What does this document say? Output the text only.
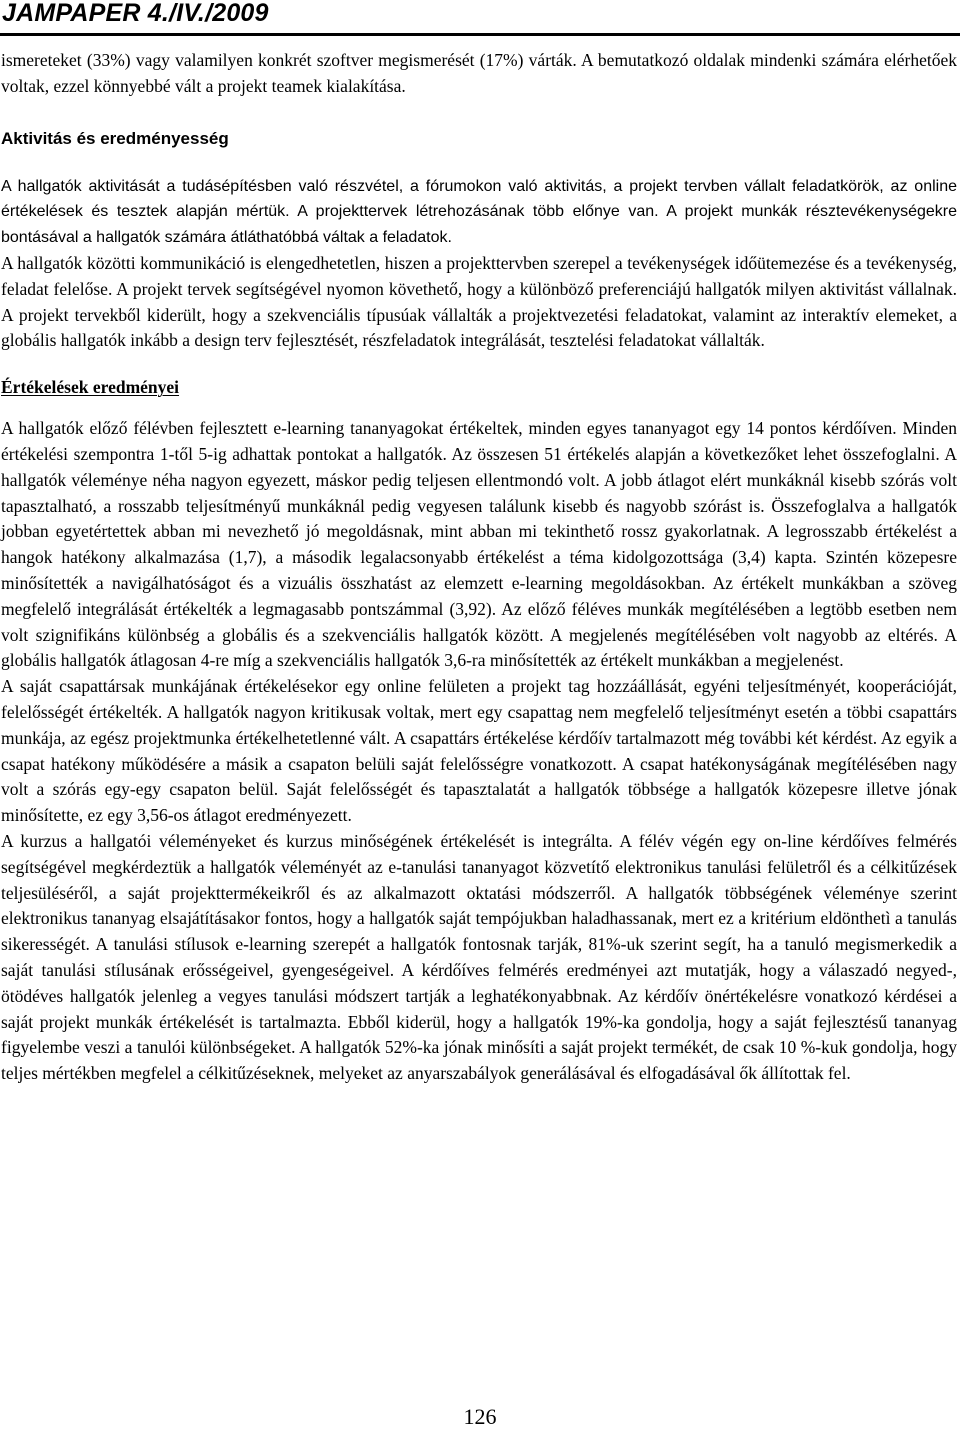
JAMPAPER 4./IV./2009

ismereteket (33%) vagy valamilyen konkrét szoftver megismerését (17%) várták. A bemutatkozó oldalak mindenki számára elérhetőek voltak, ezzel könnyebbé vált a projekt teamek kialakítása.

Aktivitás és eredményesség

A hallgatók aktivitását a tudásépítésben való részvétel, a fórumokon való aktivitás, a projekt tervben vállalt feladatkörök, az online értékelések és tesztek alapján mértük. A projekttervek létrehozásának több előnye van. A projekt munkák résztevékenységekre bontásával a hallgatók számára átláthatóbbá váltak a feladatok.

A hallgatók közötti kommunikáció is elengedhetetlen, hiszen a projekttervben szerepel a tevékenységek időütemezése és a tevékenység, feladat felelőse. A projekt tervek segítségével nyomon követhető, hogy a különböző preferenciájú hallgatók milyen aktivitást vállalnak. A projekt tervekből kiderült, hogy a szekvenciális típusúak vállalták a projektvezetési feladatokat, valamint az interaktív elemeket, a globális hallgatók inkább a design terv fejlesztését, részfeladatok integrálását, tesztelési feladatokat vállalták.

Értékelések eredményei

A hallgatók előző félévben fejlesztett e-learning tananyagokat értékeltek, minden egyes tananyagot egy 14 pontos kérdőíven. Minden értékelési szempontra 1-től 5-ig adhattak pontokat a hallgatók. Az összesen 51 értékelés alapján a következőket lehet összefoglalni. A hallgatók véleménye néha nagyon egyezett, máskor pedig teljesen ellentmondó volt. A jobb átlagot elért munkáknál kisebb szórás volt tapasztalható, a rosszabb teljesítményű munkáknál pedig vegyesen találunk kisebb és nagyobb szórást is. Összefoglalva a hallgatók jobban egyetértettek abban mi nevezhető jó megoldásnak, mint abban mi tekinthető rossz gyakorlatnak. A legrosszabb értékelést a hangok hatékony alkalmazása (1,7), a második legalacsonyabb értékelést a téma kidolgozottsága (3,4) kapta. Szintén közepesre minősítették a navigálhatóságot és a vizuális összhatást az elemzett e-learning megoldásokban. Az értékelt munkákban a szöveg megfelelő integrálását értékelték a legmagasabb pontszámmal (3,92). Az előző féléves munkák megítélésében a legtöbb esetben nem volt szignifikáns különbség a globális és a szekvenciális hallgatók között. A megjelenés megítélésében volt nagyobb az eltérés. A globális hallgatók átlagosan 4-re míg a szekvenciális hallgatók 3,6-ra minősítették az értékelt munkákban a megjelenést.

A saját csapattársak munkájának értékelésekor egy online felületen a projekt tag hozzáállását, egyéni teljesítményét, kooperációját, felelősségét értékelték. A hallgatók nagyon kritikusak voltak, mert egy csapattag nem megfelelő teljesítményt esetén a többi csapattárs munkája, az egész projektmunka értékelhetetlenné vált. A csapattárs értékelése kérdőív tartalmazott még további két kérdést. Az egyik a csapat hatékony működésére a másik a csapaton belüli saját felelősségre vonatkozott. A csapat hatékonyságának megítélésében nagy volt a szórás egy-egy csapaton belül. Saját felelősségét és tapasztalatát a hallgatók többsége a hallgatók közepesre illetve jónak minősítette, ez egy 3,56-os átlagot eredményezett.

A kurzus a hallgatói véleményeket és kurzus minőségének értékelését is integrálta. A félév végén egy on-line kérdőíves felmérés segítségével megkérdeztük a hallgatók véleményét az e-tanulási tananyagot közvetítő elektronikus tanulási felületről és a célkitűzések teljesüléséről, a saját projekttermékeikről és az alkalmazott oktatási módszerről. A hallgatók többségének véleménye szerint elektronikus tananyag elsajátításakor fontos, hogy a hallgatók saját tempójukban haladhassanak, mert ez a kritérium eldönthetì a tanulás sikerességét. A tanulási stílusok e-learning szerepét a hallgatók fontosnak tarják, 81%-uk szerint segít, ha a tanuló megismerkedik a saját tanulási stílusának erősségeivel, gyengeségeivel. A kérdőíves felmérés eredményei azt mutatják, hogy a válaszadó negyed-, ötödéves hallgatók jelenleg a vegyes tanulási módszert tartják a leghatékonyabbnak. Az kérdőív önértékelésre vonatkozó kérdései a saját projekt munkák értékelését is tartalmazta. Ebből kiderül, hogy a hallgatók 19%-ka gondolja, hogy a saját fejlesztésű tananyag figyelembe veszi a tanulói különbségeket. A hallgatók 52%-ka jónak minősíti a saját projekt termékét, de csak 10 %-kuk gondolja, hogy teljes mértékben megfelel a célkitűzéseknek, melyeket az anyarszabályok generálásával és elfogadásával ők állítottak fel.

126
